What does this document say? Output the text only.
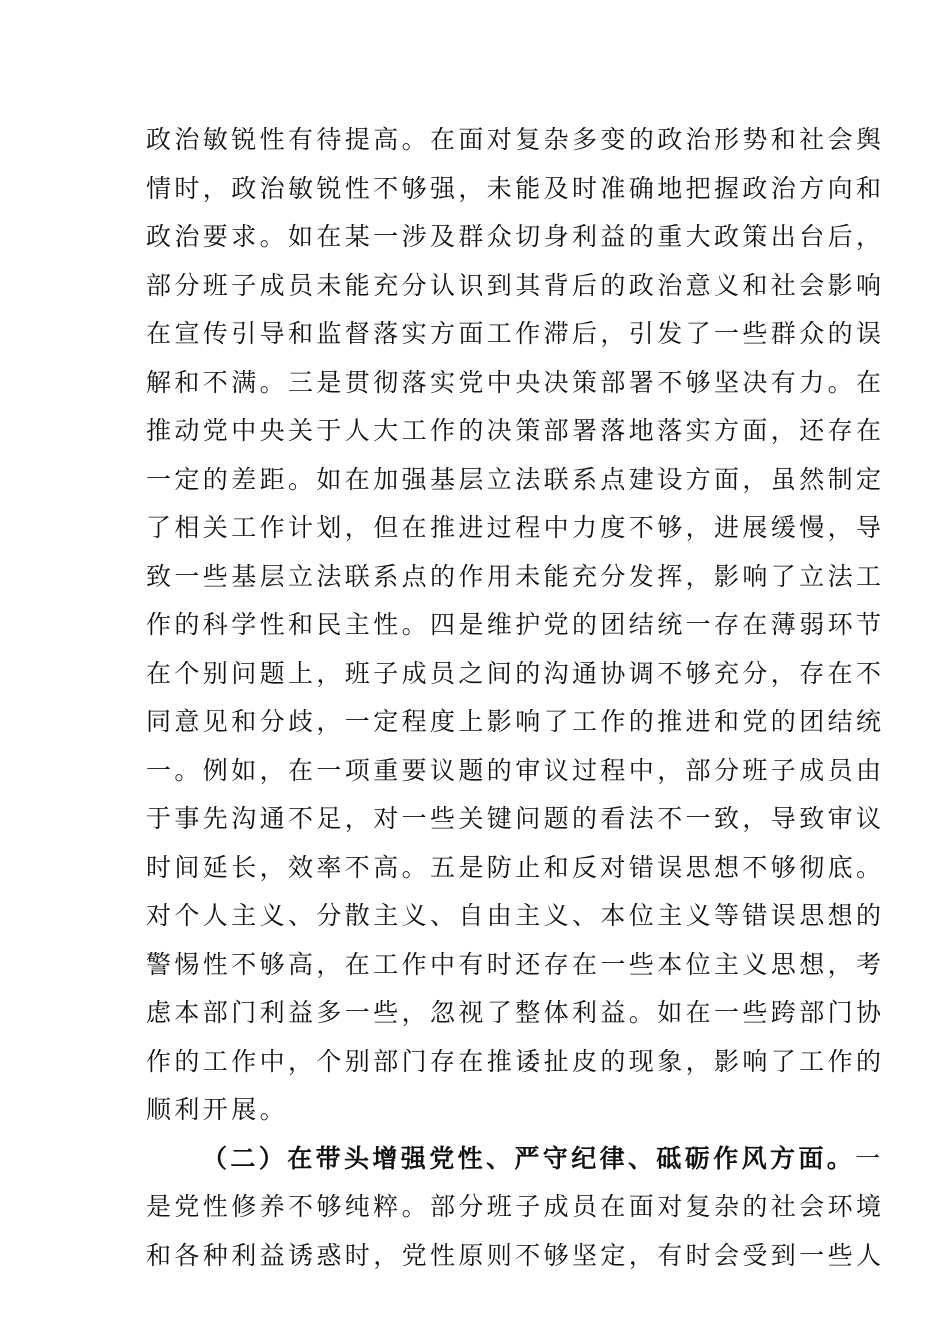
政治敏锐性有待提高。在面对复杂多变的政治形势和社会舆
情时，政治敏锐性不够强，未能及时准确地把握政治方向和
政治要求。如在某一涉及群众切身利益的重大政策出台后，
部分班子成员未能充分认识到其背后的政治意义和社会影响
在宣传引导和监督落实方面工作滞后，引发了一些群众的误
解和不满。三是贯彻落实党中央决策部署不够坚决有力。在
推动党中央关于人大工作的决策部署落地落实方面，还存在
一定的差距。如在加强基层立法联系点建设方面，虽然制定
了相关工作计划，但在推进过程中力度不够，进展缓慢，导
致一些基层立法联系点的作用未能充分发挥，影响了立法工
作的科学性和民主性。四是维护党的团结统一存在薄弱环节
在个别问题上，班子成员之间的沟通协调不够充分，存在不
同意见和分歧，一定程度上影响了工作的推进和党的团结统
一。例如，在一项重要议题的审议过程中，部分班子成员由
于事先沟通不足，对一些关键问题的看法不一致，导致审议
时间延长，效率不高。五是防止和反对错误思想不够彻底。
对个人主义、分散主义、自由主义、本位主义等错误思想的
警惕性不够高，在工作中有时还存在一些本位主义思想，考
虑本部门利益多一些，忽视了整体利益。如在一些跨部门协
作的工作中，个别部门存在推诿扯皮的现象，影响了工作的
顺利开展。
（二）在带头增强党性、严守纪律、砥砺作风方面。一
是党性修养不够纯粹。部分班子成员在面对复杂的社会环境
和各种利益诱惑时，党性原则不够坚定，有时会受到一些人
